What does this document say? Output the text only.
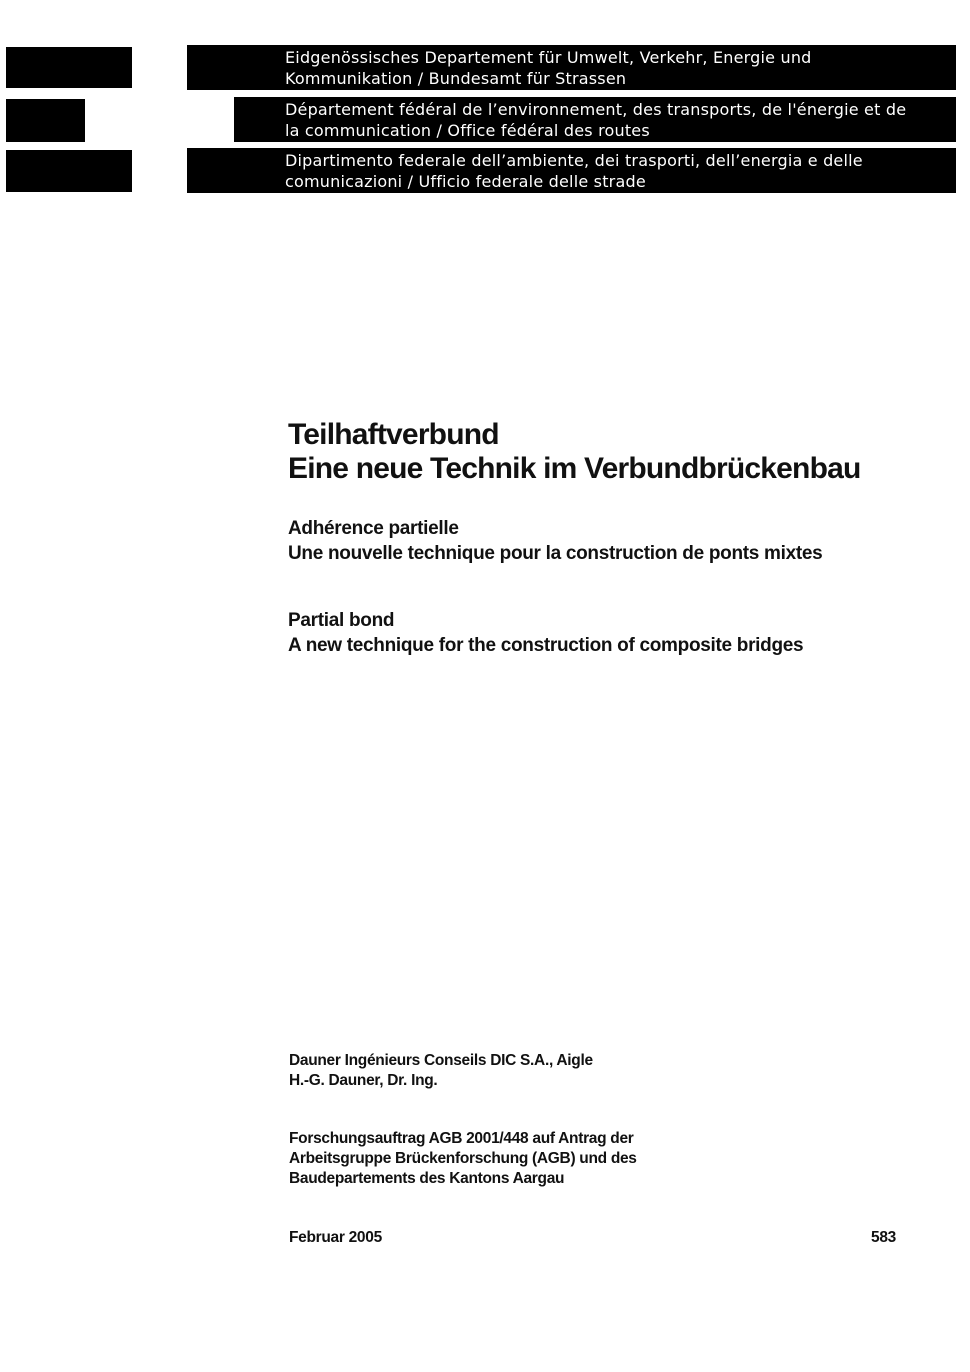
Eidgenössisches Departement für Umwelt, Verkehr, Energie und
Kommunikation / Bundesamt für Strassen
Département fédéral de l’environnement, des transports, de l'énergie et de
la communication / Office fédéral des routes
Dipartimento federale dell’ambiente, dei trasporti, dell’energia e delle
comunicazioni / Ufficio federale delle strade
Teilhaftverbund
Eine neue Technik im Verbundbrückenbau
Adhérence partielle
Une nouvelle technique pour la construction de ponts mixtes
Partial bond
A new technique for the construction of composite bridges
Dauner Ingénieurs Conseils DIC S.A., Aigle
H.-G. Dauner, Dr. Ing.
Forschungsauftrag AGB 2001/448 auf Antrag der
Arbeitsgruppe Brückenforschung (AGB) und des
Baudepartements des Kantons Aargau
Februar 2005	583
